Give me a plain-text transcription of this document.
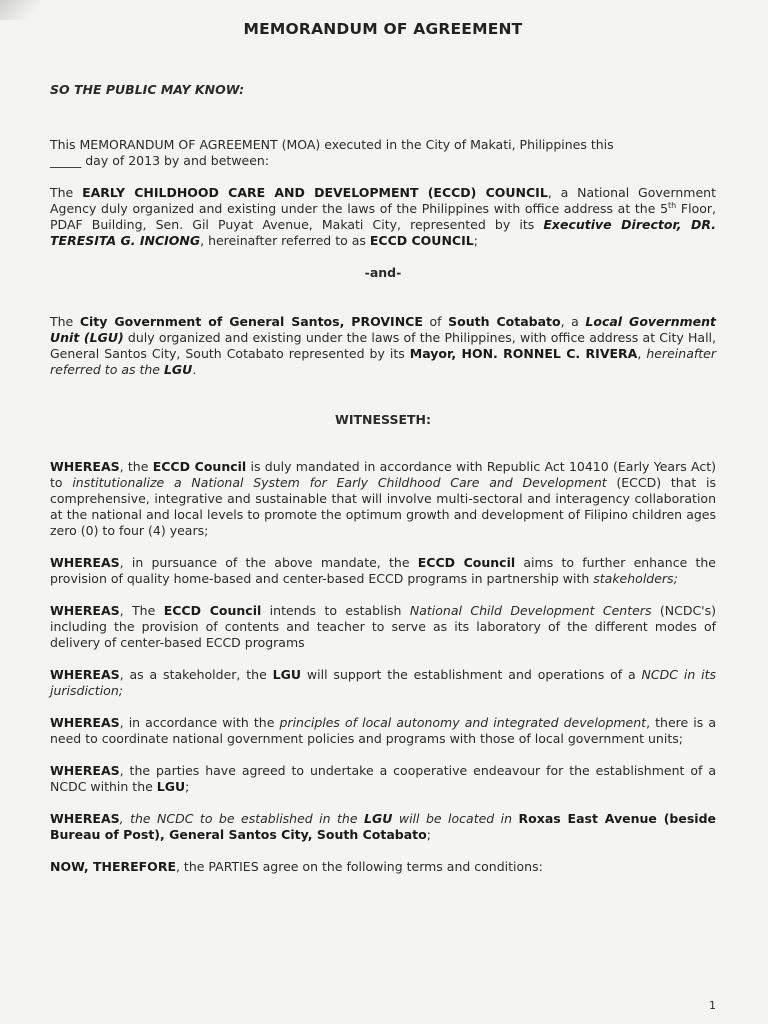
MEMORANDUM OF AGREEMENT
SO THE PUBLIC MAY KNOW:

This MEMORANDUM OF AGREEMENT (MOA) executed in the City of Makati, Philippines this
_____ day of 2013 by and between:

The EARLY CHILDHOOD CARE AND DEVELOPMENT (ECCD) COUNCIL, a National Government Agency duly organized and existing under the laws of the Philippines with office address at the 5th Floor, PDAF Building, Sen. Gil Puyat Avenue, Makati City, represented by its Executive Director, DR. TERESITA G. INCIONG, hereinafter referred to as ECCD COUNCIL;

-and-

The City Government of General Santos, PROVINCE of South Cotabato, a Local Government Unit (LGU) duly organized and existing under the laws of the Philippines, with office address at City Hall, General Santos City, South Cotabato represented by its Mayor, HON. RONNEL C. RIVERA, hereinafter referred to as the LGU.

WITNESSETH:

WHEREAS, the ECCD Council is duly mandated in accordance with Republic Act 10410 (Early Years Act) to institutionalize a National System for Early Childhood Care and Development (ECCD) that is comprehensive, integrative and sustainable that will involve multi-sectoral and interagency collaboration at the national and local levels to promote the optimum growth and development of Filipino children ages zero (0) to four (4) years;

WHEREAS, in pursuance of the above mandate, the ECCD Council aims to further enhance the provision of quality home-based and center-based ECCD programs in partnership with stakeholders;

WHEREAS, The ECCD Council intends to establish National Child Development Centers (NCDC's) including the provision of contents and teacher to serve as its laboratory of the different modes of delivery of center-based ECCD programs

WHEREAS, as a stakeholder, the LGU will support the establishment and operations of a NCDC in its jurisdiction;

WHEREAS, in accordance with the principles of local autonomy and integrated development, there is a need to coordinate national government policies and programs with those of local government units;

WHEREAS, the parties have agreed to undertake a cooperative endeavour for the establishment of a NCDC within the LGU;

WHEREAS, the NCDC to be established in the LGU will be located in Roxas East Avenue (beside Bureau of Post), General Santos City, South Cotabato;

NOW, THEREFORE, the PARTIES agree on the following terms and conditions:

1
